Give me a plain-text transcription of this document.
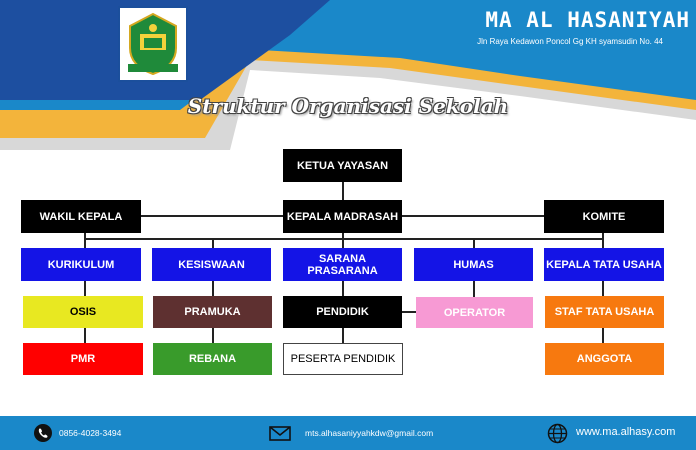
MA AL HASANIYAH
Jln Raya Kedawon Poncol Gg KH syamsudin No. 44
Struktur Organisasi Sekolah
KETUA YAYASAN
KEPALA MADRASAH
WAKIL KEPALA	KOMITE
KURIKULUM	KESISWAAN	SARANA PRASARANA	HUMAS	KEPALA TATA USAHA
OSIS	PRAMUKA	PENDIDIK	OPERATOR	STAF TATA USAHA
PMR	REBANA	PESERTA PENDIDIK	ANGGOTA
0856-4028-3494	mts.alhasaniyyahkdw@gmail.com	www.ma.alhasy.com
